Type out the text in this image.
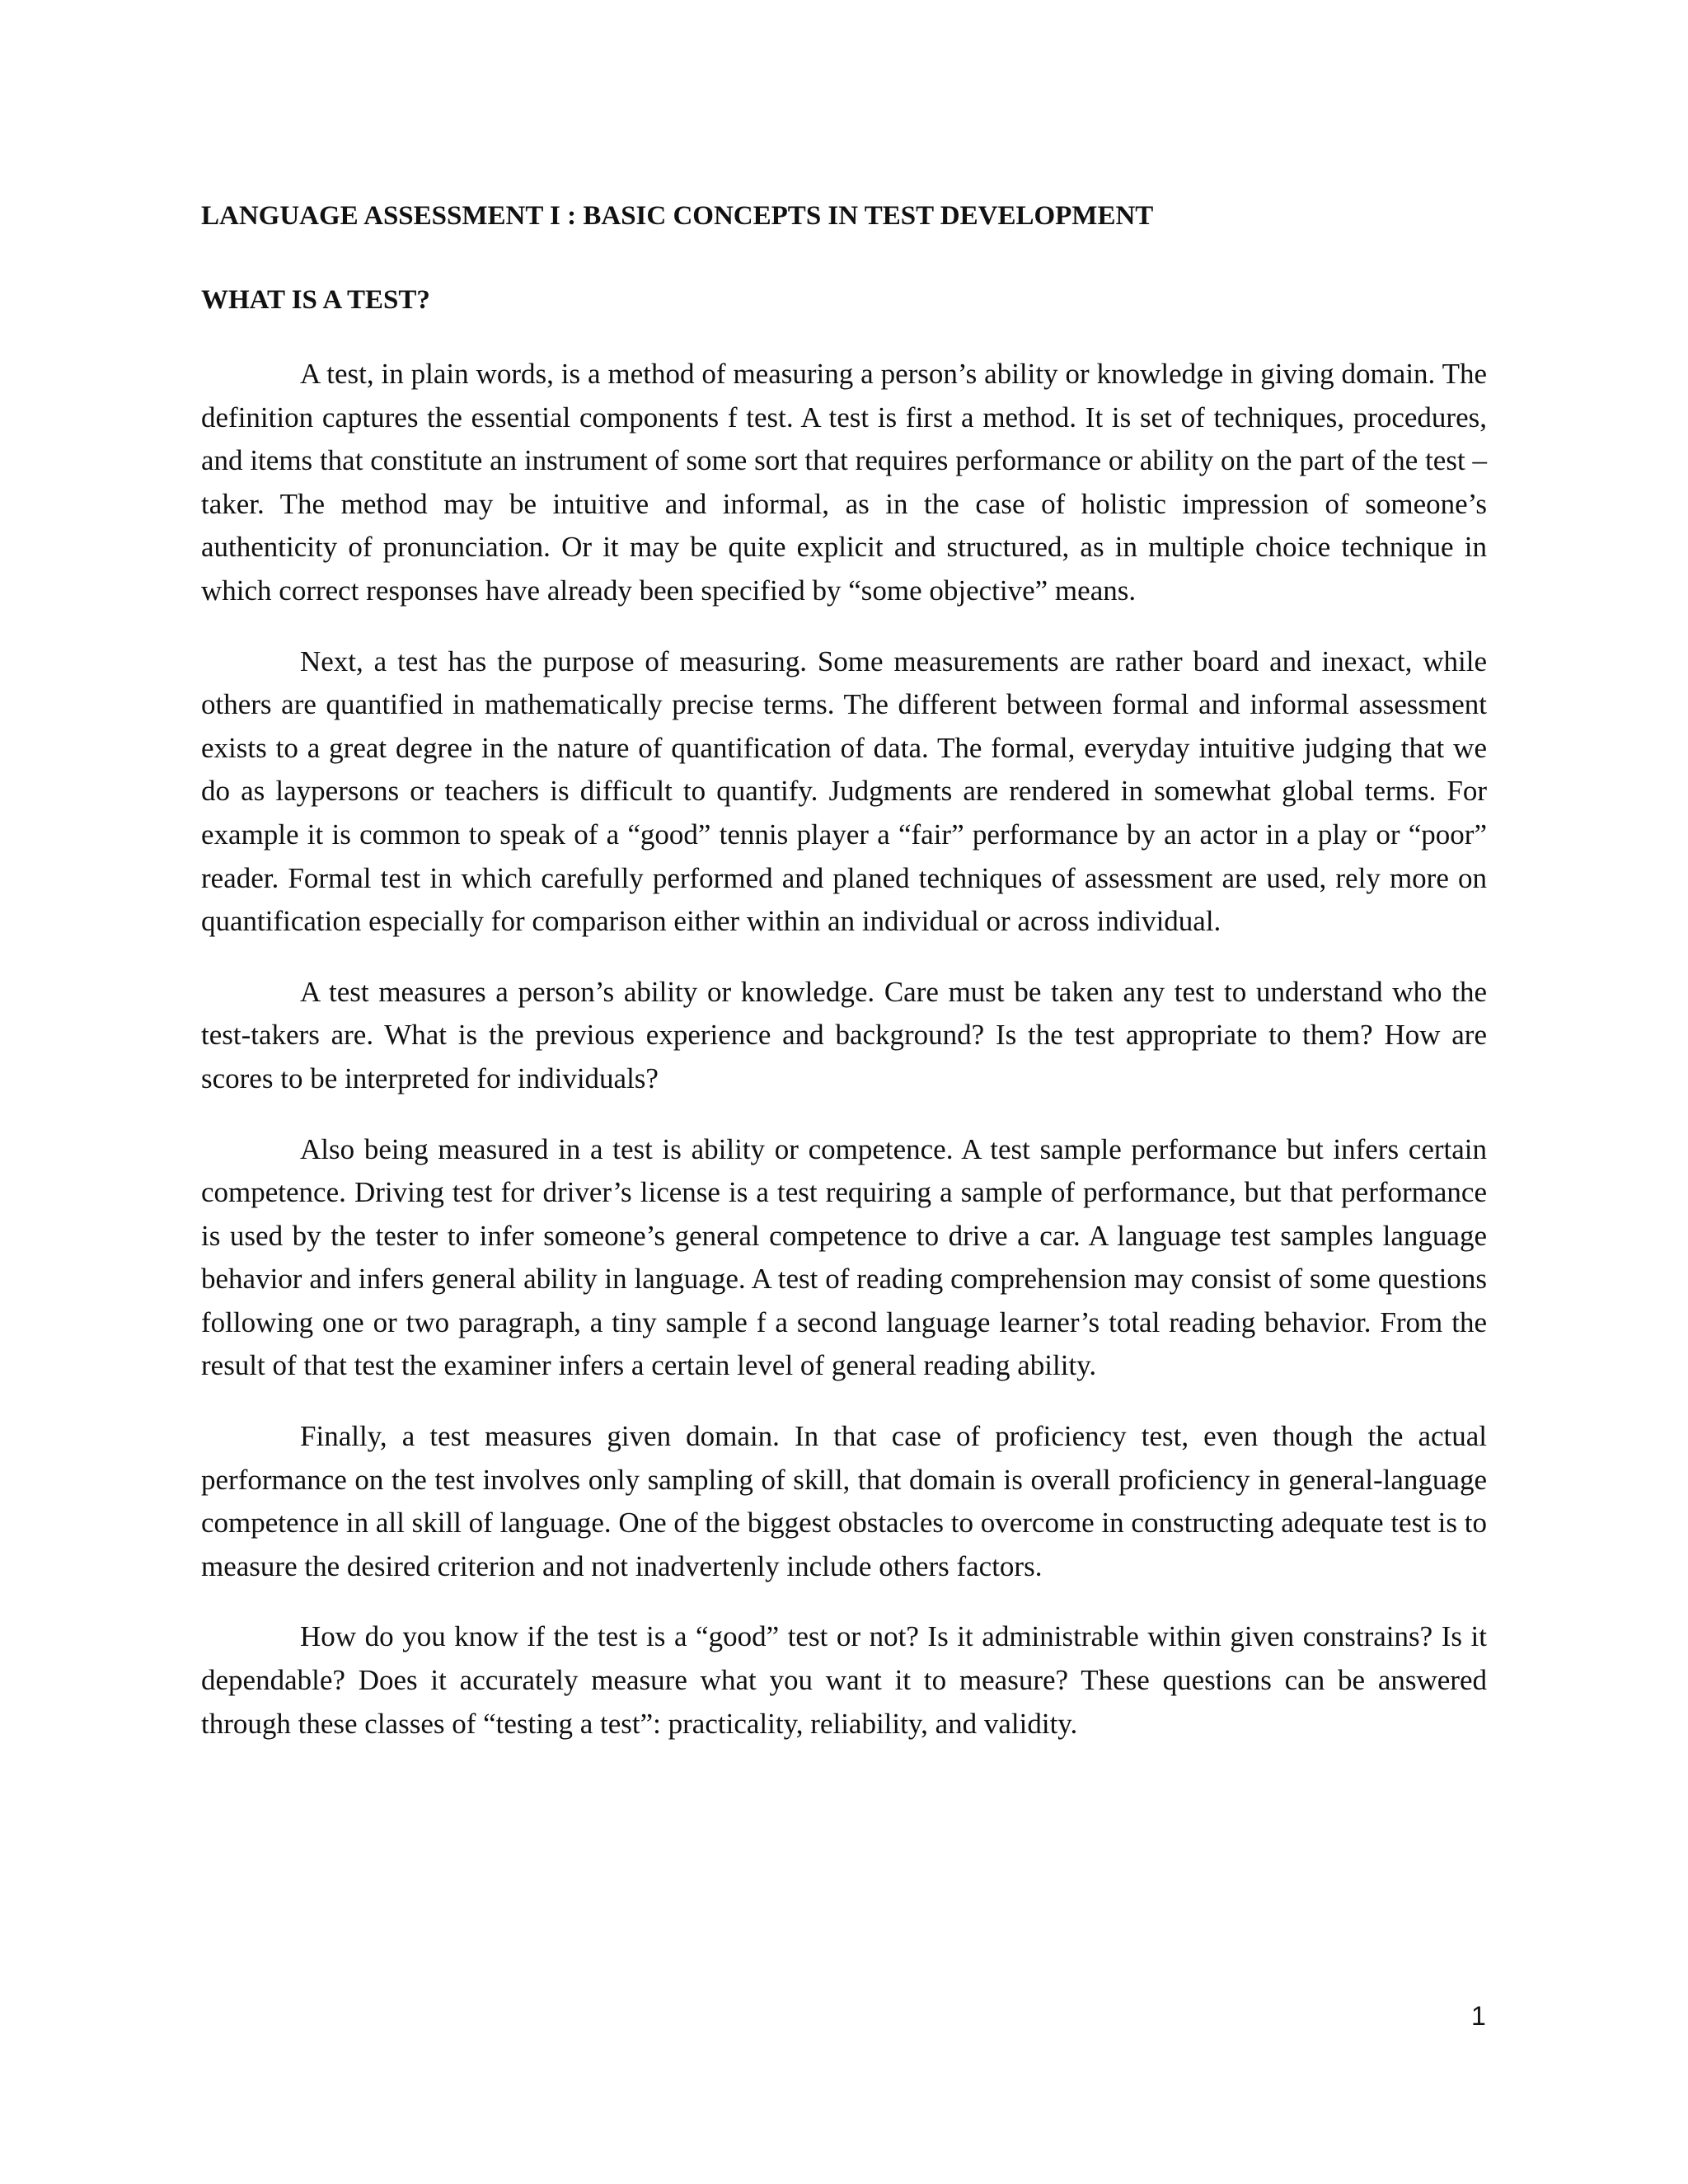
LANGUAGE ASSESSMENT I : BASIC CONCEPTS IN TEST DEVELOPMENT
WHAT IS A TEST?

A test, in plain words, is a method of measuring a person’s ability or knowledge in giving domain. The definition captures the essential components f test. A test is first a method. It is set of techniques, procedures, and items that constitute an instrument of some sort that requires performance or ability on the part of the test –taker. The method may be intuitive and informal, as in the case of holistic impression of someone’s authenticity of pronunciation. Or it may be quite explicit and structured, as in multiple choice technique in which correct responses have already been specified by “some objective” means.

Next, a test has the purpose of measuring. Some measurements are rather board and inexact, while others are quantified in mathematically precise terms. The different between formal and informal assessment exists to a great degree in the nature of quantification of data. The formal, everyday intuitive judging that we do as laypersons or teachers is difficult to quantify. Judgments are rendered in somewhat global terms. For example it is common to speak of a “good” tennis player a “fair” performance by an actor in a play or “poor” reader. Formal test in which carefully performed and planed techniques of assessment are used, rely more on quantification especially for comparison either within an individual or across individual.

A test measures a person’s ability or knowledge. Care must be taken any test to understand who the test-takers are. What is the previous experience and background? Is the test appropriate to them? How are scores to be interpreted for individuals?

Also being measured in a test is ability or competence. A test sample performance but infers certain competence. Driving test for driver’s license is a test requiring a sample of performance, but that performance is used by the tester to infer someone’s general competence to drive a car. A language test samples language behavior and infers general ability in language. A test of reading comprehension may consist of some questions following one or two paragraph, a tiny sample f a second language learner’s total reading behavior. From the result of that test the examiner infers a certain level of general reading ability.

Finally, a test measures given domain. In that case of proficiency test, even though the actual performance on the test involves only sampling of skill, that domain is overall proficiency in general-language competence in all skill of language. One of the biggest obstacles to overcome in constructing adequate test is to measure the desired criterion and not inadvertenly include others factors.

How do you know if the test is a “good” test or not? Is it administrable within given constrains? Is it dependable? Does it accurately measure what you want it to measure? These questions can be answered through these classes of “testing a test”: practicality, reliability, and validity.

1
